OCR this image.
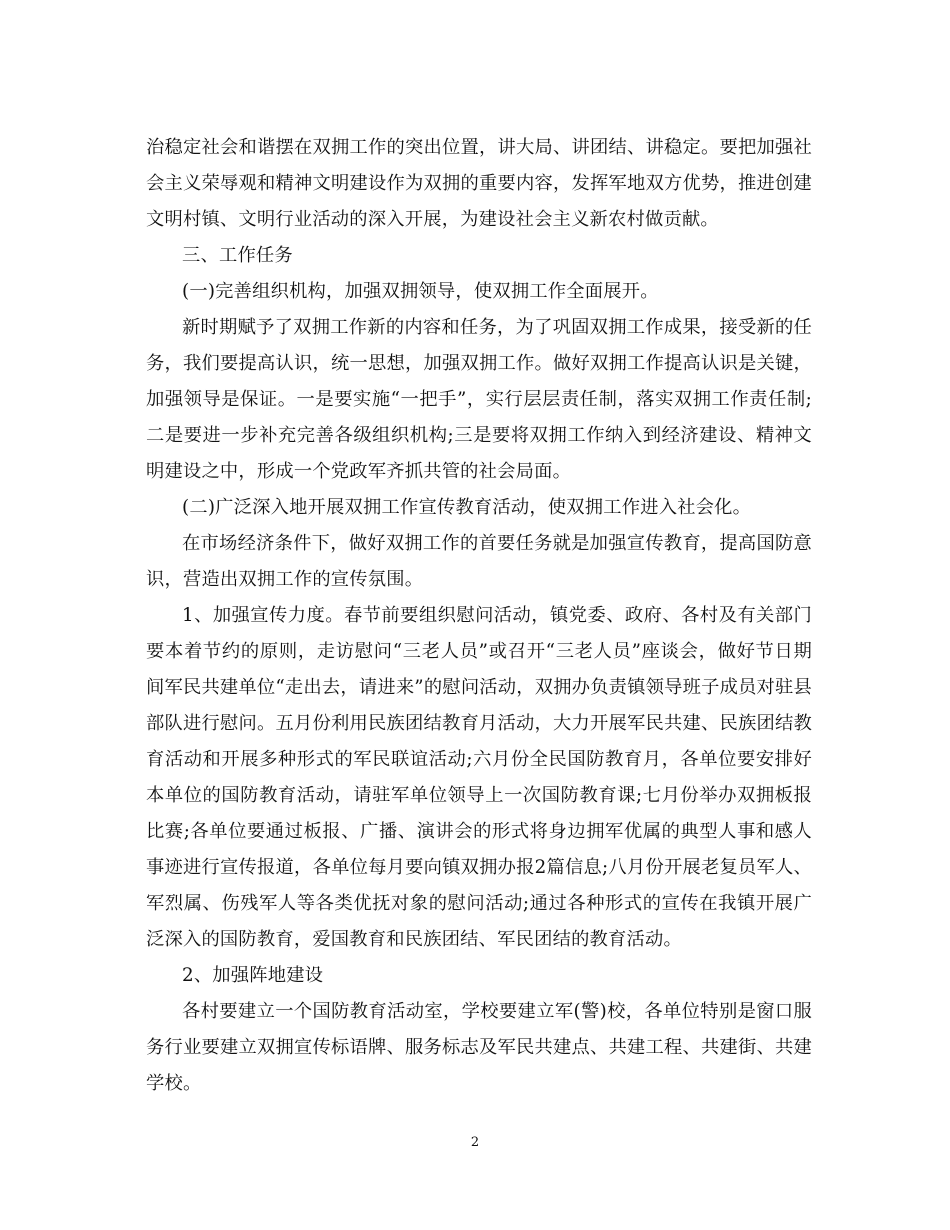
治稳定社会和谐摆在双拥工作的突出位置，讲大局、讲团结、讲稳定。要把加强社会主义荣辱观和精神文明建设作为双拥的重要内容，发挥军地双方优势，推进创建文明村镇、文明行业活动的深入开展，为建设社会主义新农村做贡献。

三、工作任务

(一)完善组织机构，加强双拥领导，使双拥工作全面展开。

新时期赋予了双拥工作新的内容和任务，为了巩固双拥工作成果，接受新的任务，我们要提高认识，统一思想，加强双拥工作。做好双拥工作提高认识是关键，加强领导是保证。一是要实施“一把手”，实行层层责任制，落实双拥工作责任制;二是要进一步补充完善各级组织机构;三是要将双拥工作纳入到经济建设、精神文明建设之中，形成一个党政军齐抓共管的社会局面。

(二)广泛深入地开展双拥工作宣传教育活动，使双拥工作进入社会化。

在市场经济条件下，做好双拥工作的首要任务就是加强宣传教育，提高国防意识，营造出双拥工作的宣传氛围。

1、加强宣传力度。春节前要组织慰问活动，镇党委、政府、各村及有关部门要本着节约的原则，走访慰问“三老人员”或召开“三老人员”座谈会，做好节日期间军民共建单位“走出去，请进来”的慰问活动，双拥办负责镇领导班子成员对驻县部队进行慰问。五月份利用民族团结教育月活动，大力开展军民共建、民族团结教育活动和开展多种形式的军民联谊活动;六月份全民国防教育月，各单位要安排好本单位的国防教育活动，请驻军单位领导上一次国防教育课;七月份举办双拥板报比赛;各单位要通过板报、广播、演讲会的形式将身边拥军优属的典型人事和感人事迹进行宣传报道，各单位每月要向镇双拥办报2篇信息;八月份开展老复员军人、军烈属、伤残军人等各类优抚对象的慰问活动;通过各种形式的宣传在我镇开展广泛深入的国防教育，爱国教育和民族团结、军民团结的教育活动。

2、加强阵地建设

各村要建立一个国防教育活动室，学校要建立军(警)校，各单位特别是窗口服务行业要建立双拥宣传标语牌、服务标志及军民共建点、共建工程、共建街、共建学校。

2
